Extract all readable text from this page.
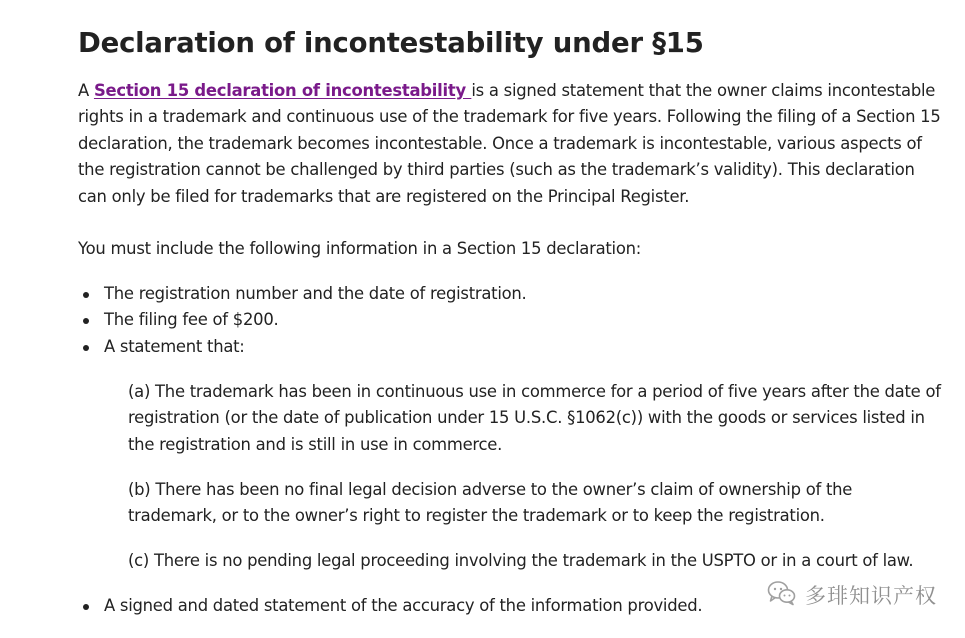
Declaration of incontestability under §15

A Section 15 declaration of incontestability is a signed statement that the owner claims incontestable rights in a trademark and continuous use of the trademark for five years. Following the filing of a Section 15 declaration, the trademark becomes incontestable. Once a trademark is incontestable, various aspects of the registration cannot be challenged by third parties (such as the trademark’s validity). This declaration can only be filed for trademarks that are registered on the Principal Register.

You must include the following information in a Section 15 declaration:

The registration number and the date of registration.
The filing fee of $200.
A statement that:

(a) The trademark has been in continuous use in commerce for a period of five years after the date of registration (or the date of publication under 15 U.S.C. §1062(c)) with the goods or services listed in the registration and is still in use in commerce.

(b) There has been no final legal decision adverse to the owner’s claim of ownership of the trademark, or to the owner’s right to register the trademark or to keep the registration.

(c) There is no pending legal proceeding involving the trademark in the USPTO or in a court of law.

A signed and dated statement of the accuracy of the information provided.	多琲知识产权
